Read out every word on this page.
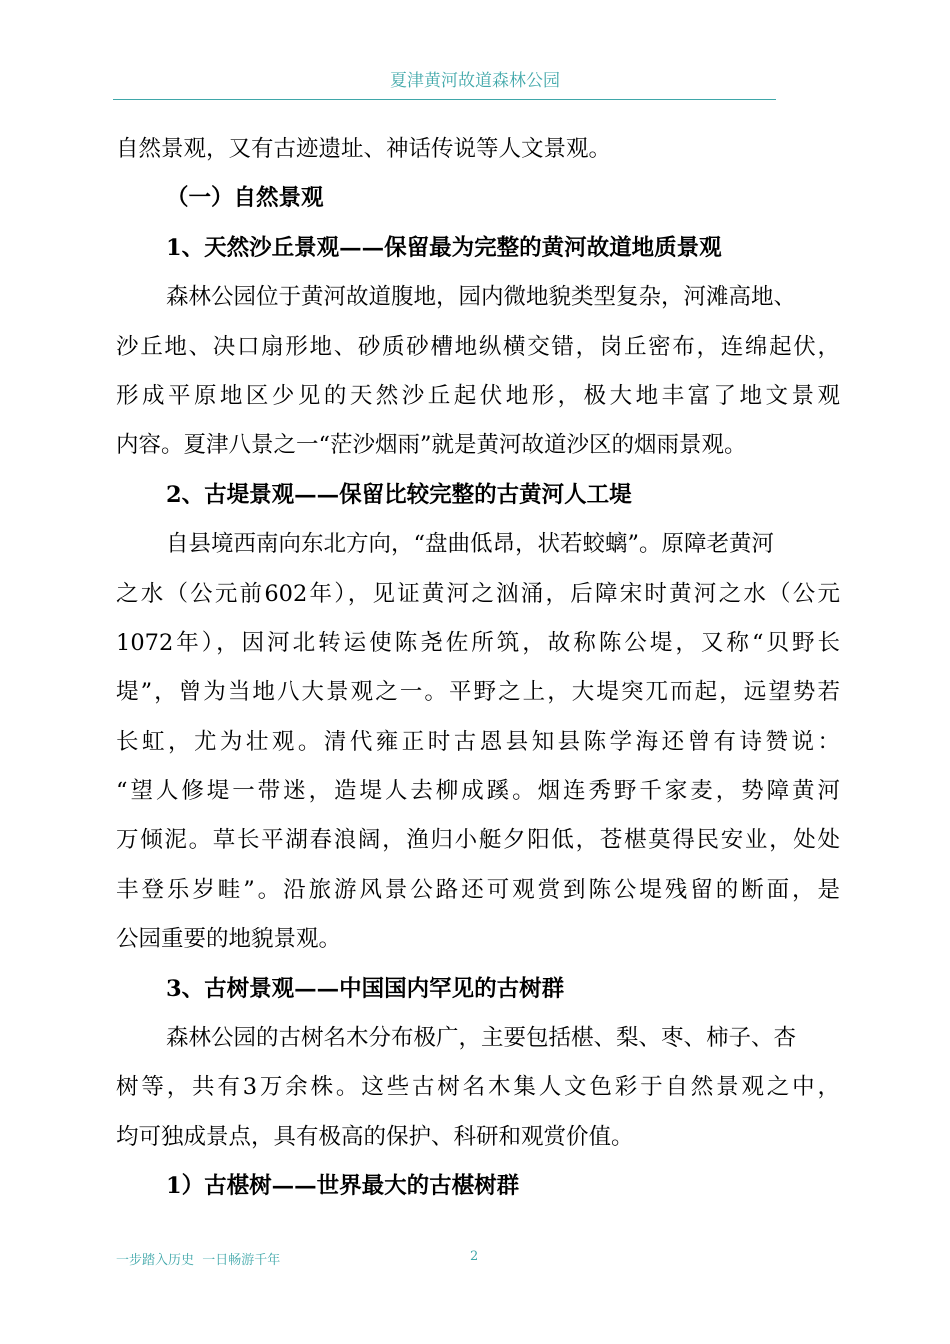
夏津黄河故道森林公园
自然景观，又有古迹遗址、神话传说等人文景观。
（一）自然景观
1、天然沙丘景观——保留最为完整的黄河故道地质景观
森林公园位于黄河故道腹地，园内微地貌类型复杂，河滩高地、
沙丘地、决口扇形地、砂质砂槽地纵横交错，岗丘密布，连绵起伏，
形成平原地区少见的天然沙丘起伏地形，极大地丰富了地文景观
内容。夏津八景之一“茫沙烟雨”就是黄河故道沙区的烟雨景观。
2、古堤景观——保留比较完整的古黄河人工堤
自县境西南向东北方向，“盘曲低昂，状若蛟螭”。原障老黄河
之水（公元前602年），见证黄河之汹涌，后障宋时黄河之水（公元
1072年），因河北转运使陈尧佐所筑，故称陈公堤，又称“贝野长
堤”，曾为当地八大景观之一。平野之上，大堤突兀而起，远望势若
长虹，尤为壮观。清代雍正时古恩县知县陈学海还曾有诗赞说：
“望人修堤一带迷，造堤人去柳成蹊。烟连秀野千家麦，势障黄河
万倾泥。草长平湖春浪阔，渔归小艇夕阳低，苍椹莫得民安业，处处
丰登乐岁畦”。沿旅游风景公路还可观赏到陈公堤残留的断面，是
公园重要的地貌景观。
3、古树景观——中国国内罕见的古树群
森林公园的古树名木分布极广，主要包括椹、梨、枣、柿子、杏
树等，共有3万余株。这些古树名木集人文色彩于自然景观之中，
均可独成景点，具有极高的保护、科研和观赏价值。
1）古椹树——世界最大的古椹树群
一步踏入历史  一日畅游千年	2
